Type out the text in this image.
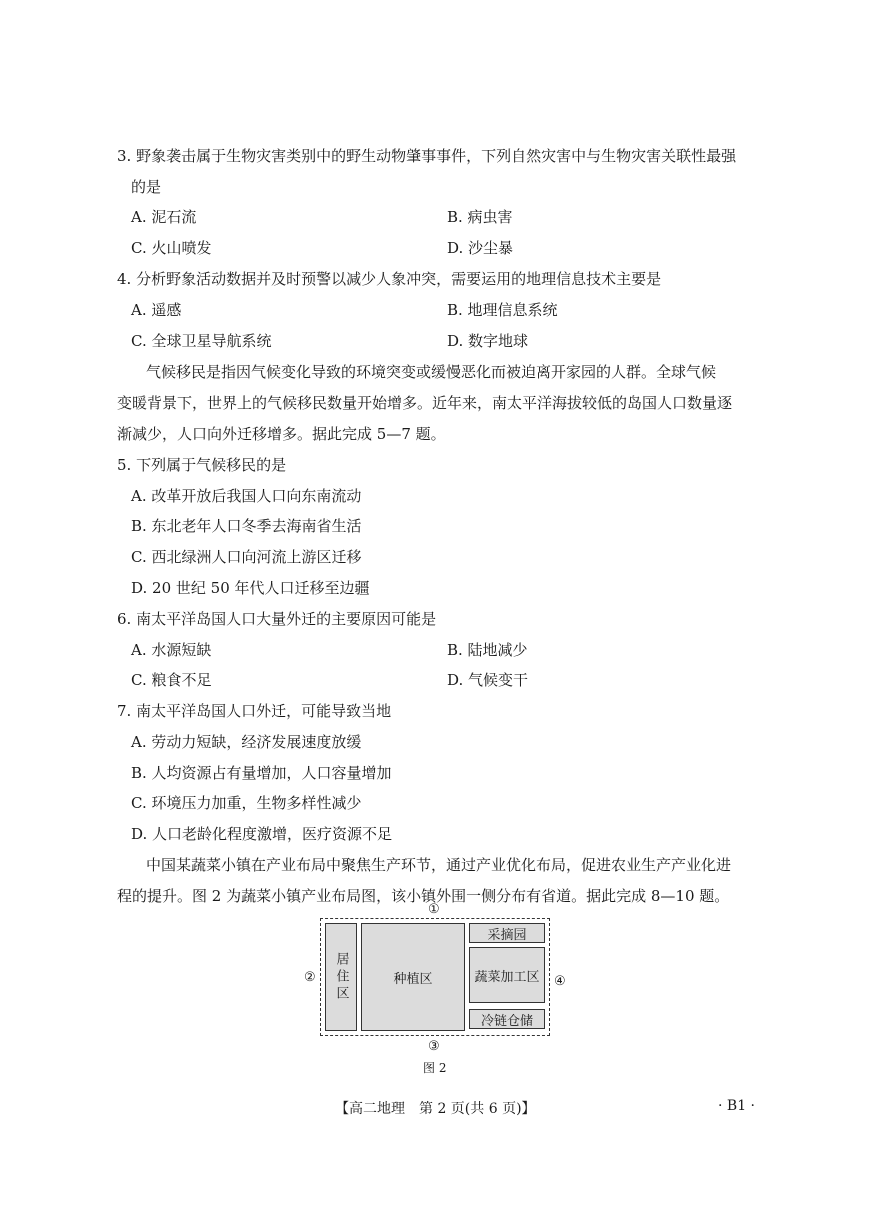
3. 野象袭击属于生物灾害类别中的野生动物肇事事件，下列自然灾害中与生物灾害关联性最强
的是
A. 泥石流	B. 病虫害
C. 火山喷发	D. 沙尘暴
4. 分析野象活动数据并及时预警以减少人象冲突，需要运用的地理信息技术主要是
A. 遥感	B. 地理信息系统
C. 全球卫星导航系统	D. 数字地球
气候移民是指因气候变化导致的环境突变或缓慢恶化而被迫离开家园的人群。全球气候
变暖背景下，世界上的气候移民数量开始增多。近年来，南太平洋海拔较低的岛国人口数量逐
渐减少，人口向外迁移增多。据此完成 5—7 题。
5. 下列属于气候移民的是
A. 改革开放后我国人口向东南流动
B. 东北老年人口冬季去海南省生活
C. 西北绿洲人口向河流上游区迁移
D. 20 世纪 50 年代人口迁移至边疆
6. 南太平洋岛国人口大量外迁的主要原因可能是
A. 水源短缺	B. 陆地减少
C. 粮食不足	D. 气候变干
7. 南太平洋岛国人口外迁，可能导致当地
A. 劳动力短缺，经济发展速度放缓
B. 人均资源占有量增加，人口容量增加
C. 环境压力加重，生物多样性减少
D. 人口老龄化程度激增，医疗资源不足
中国某蔬菜小镇在产业布局中聚焦生产环节，通过产业优化布局，促进农业生产产业化进
程的提升。图 2 为蔬菜小镇产业布局图，该小镇外围一侧分布有省道。据此完成 8—10 题。
①
②
③
④
居住区	种植区
采摘园
蔬菜加工区
冷链仓储
图 2
【高二地理　第 2 页(共 6 页)】	· B1 ·
